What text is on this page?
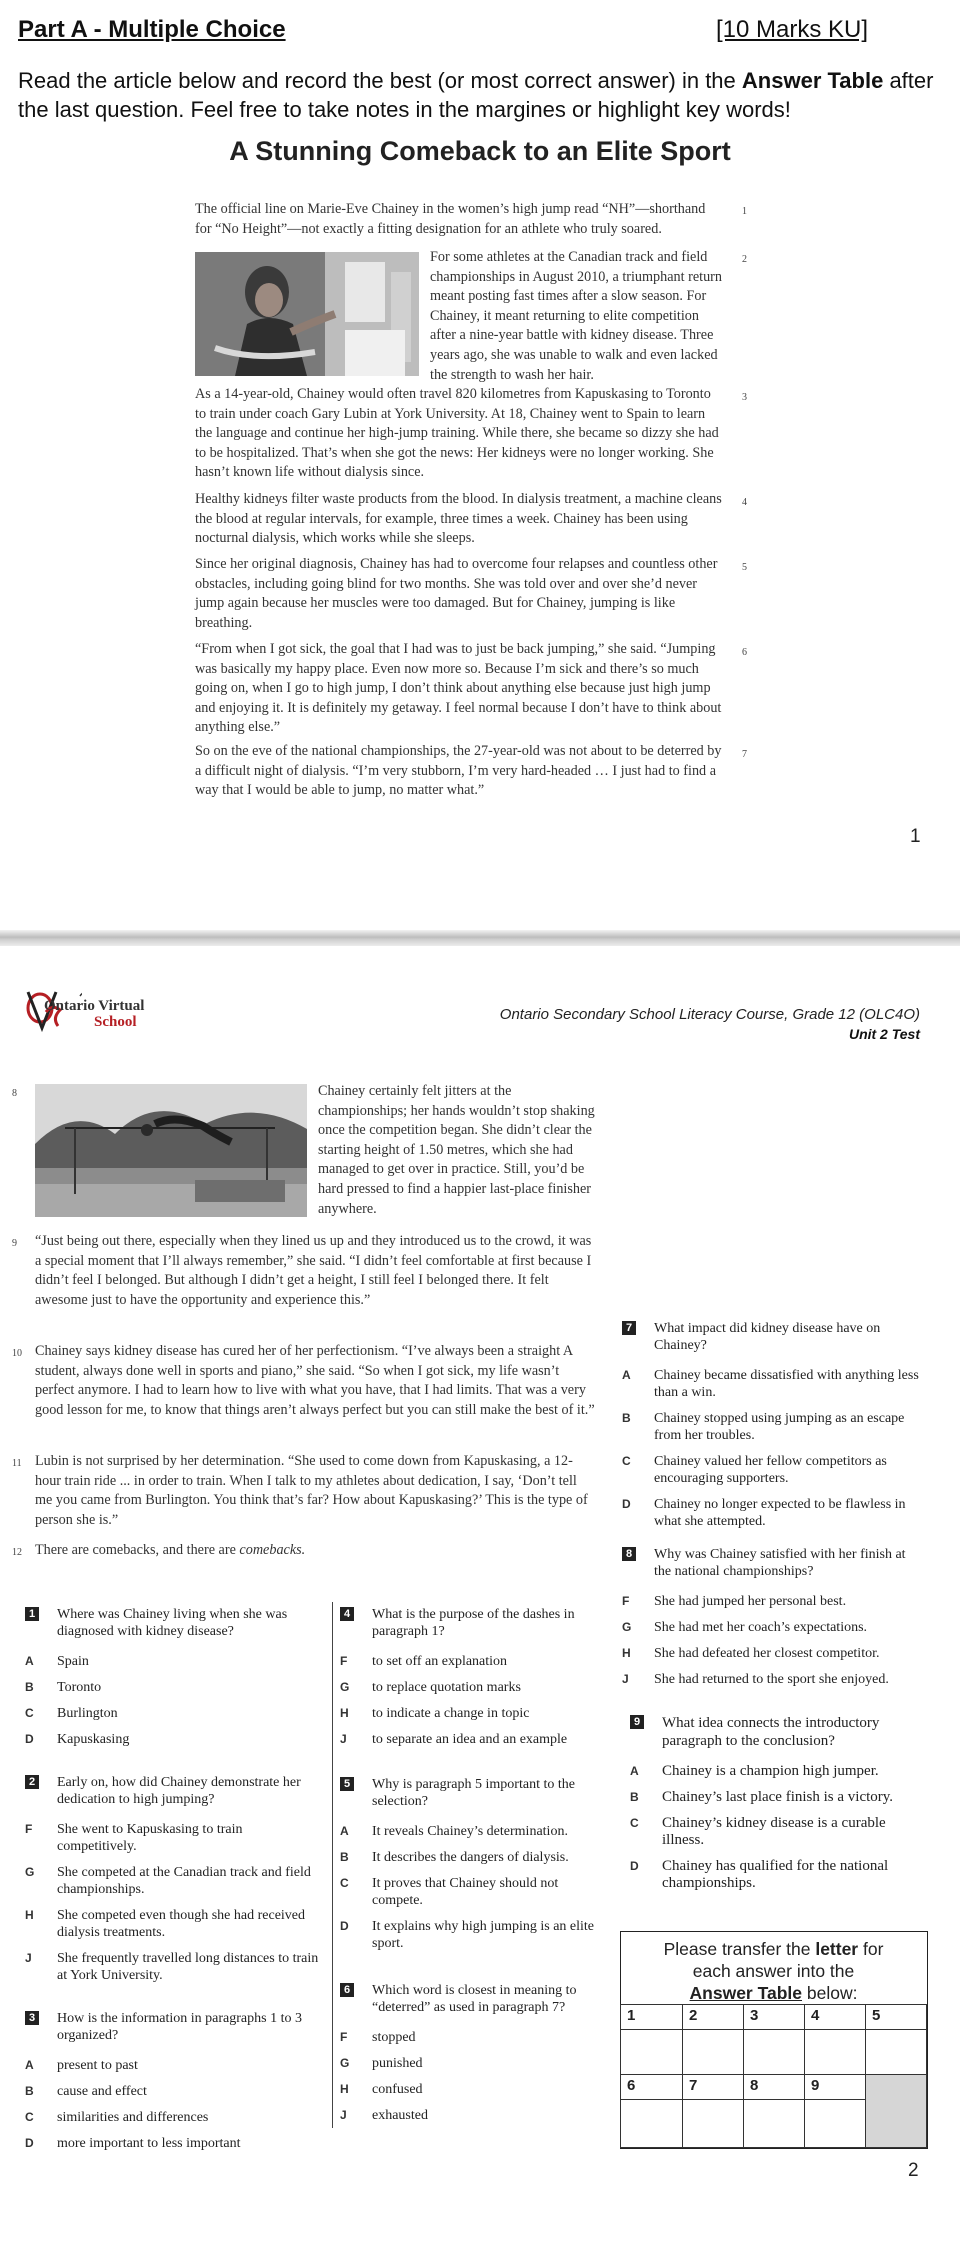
Part A - Multiple Choice	[10 Marks KU]
Read the article below and record the best (or most correct answer) in the Answer Table after the last question. Feel free to take notes in the margines or highlight key words!
A Stunning Comeback to an Elite Sport
The official line on Marie-Eve Chainey in the women’s high jump read “NH”—shorthand for “No Height”—not exactly a fitting designation for an athlete who truly soared.
1
For some athletes at the Canadian track and field championships in August 2010, a triumphant return meant posting fast times after a slow season. For Chainey, it meant returning to elite competition after a nine-year battle with kidney disease. Three years ago, she was unable to walk and even lacked the strength to wash her hair.
2
As a 14-year-old, Chainey would often travel 820 kilometres from Kapuskasing to Toronto to train under coach Gary Lubin at York University. At 18, Chainey went to Spain to learn the language and continue her high-jump training. While there, she became so dizzy she had to be hospitalized. That’s when she got the news: Her kidneys were no longer working. She hasn’t known life without dialysis since.
3
Healthy kidneys filter waste products from the blood. In dialysis treatment, a machine cleans the blood at regular intervals, for example, three times a week. Chainey has been using nocturnal dialysis, which works while she sleeps.
4
Since her original diagnosis, Chainey has had to overcome four relapses and countless other obstacles, including going blind for two months. She was told over and over she’d never jump again because her muscles were too damaged. But for Chainey, jumping is like breathing.
5
“From when I got sick, the goal that I had was to just be back jumping,” she said. “Jumping was basically my happy place. Even now more so. Because I’m sick and there’s so much going on, when I go to high jump, I don’t think about anything else because just high jump and enjoying it. It is definitely my getaway. I feel normal because I don’t have to think about anything else.”
6
So on the eve of the national championships, the 27-year-old was not about to be deterred by a difficult night of dialysis. “I’m very stubborn, I’m very hard-headed … I just had to find a way that I would be able to jump, no matter what.”
7
1
Ontario Virtual
School	Ontario Secondary School Literacy Course, Grade 12 (OLC4O)
Unit 2 Test
Chainey certainly felt jitters at the championships; her hands wouldn’t stop shaking once the competition began. She didn’t clear the starting height of 1.50 metres, which she had managed to get over in practice. Still, you’d be hard pressed to find a happier last-place finisher anywhere.
8
“Just being out there, especially when they lined us up and they introduced us to the crowd, it was a special moment that I’ll always remember,” she said. “I didn’t feel comfortable at first because I didn’t feel I belonged. But although I didn’t get a height, I still feel I belonged there. It felt awesome just to have the opportunity and experience this.”
9
Chainey says kidney disease has cured her of her perfectionism. “I’ve always been a straight A student, always done well in sports and piano,” she said. “So when I got sick, my life wasn’t perfect anymore. I had to learn how to live with what you have, that I had limits. That was a very good lesson for me, to know that things aren’t always perfect but you can still make the best of it.”
10
Lubin is not surprised by her determination. “She used to come down from Kapuskasing, a 12-hour train ride ... in order to train. When I talk to my athletes about dedication, I say, ‘Don’t tell me you came from Burlington. You think that’s far? How about Kapuskasing?’ This is the type of person she is.”
11
There are comebacks, and there are comebacks.
12
1 Where was Chainey living when she was diagnosed with kidney disease?
A Spain
B Toronto
C Burlington
D Kapuskasing
2 Early on, how did Chainey demonstrate her dedication to high jumping?
F She went to Kapuskasing to train competitively.
G She competed at the Canadian track and field championships.
H She competed even though she had received dialysis treatments.
J She frequently travelled long distances to train at York University.
3 How is the information in paragraphs 1 to 3 organized?
A present to past
B cause and effect
C similarities and differences
D more important to less important
4 What is the purpose of the dashes in paragraph 1?
F to set off an explanation
G to replace quotation marks
H to indicate a change in topic
J to separate an idea and an example
5 Why is paragraph 5 important to the selection?
A It reveals Chainey’s determination.
B It describes the dangers of dialysis.
C It proves that Chainey should not compete.
D It explains why high jumping is an elite sport.
6 Which word is closest in meaning to “deterred” as used in paragraph 7?
F stopped
G punished
H confused
J exhausted
7 What impact did kidney disease have on Chainey?
A Chainey became dissatisfied with anything less than a win.
B Chainey stopped using jumping as an escape from her troubles.
C Chainey valued her fellow competitors as encouraging supporters.
D Chainey no longer expected to be flawless in what she attempted.
8 Why was Chainey satisfied with her finish at the national championships?
F She had jumped her personal best.
G She had met her coach’s expectations.
H She had defeated her closest competitor.
J She had returned to the sport she enjoyed.
9 What idea connects the introductory paragraph to the conclusion?
A Chainey is a champion high jumper.
B Chainey’s last place finish is a victory.
C Chainey’s kidney disease is a curable illness.
D Chainey has qualified for the national championships.
Please transfer the letter for
each answer into the
Answer Table below:
1	2	3	4	5
6	7	8	9
2
